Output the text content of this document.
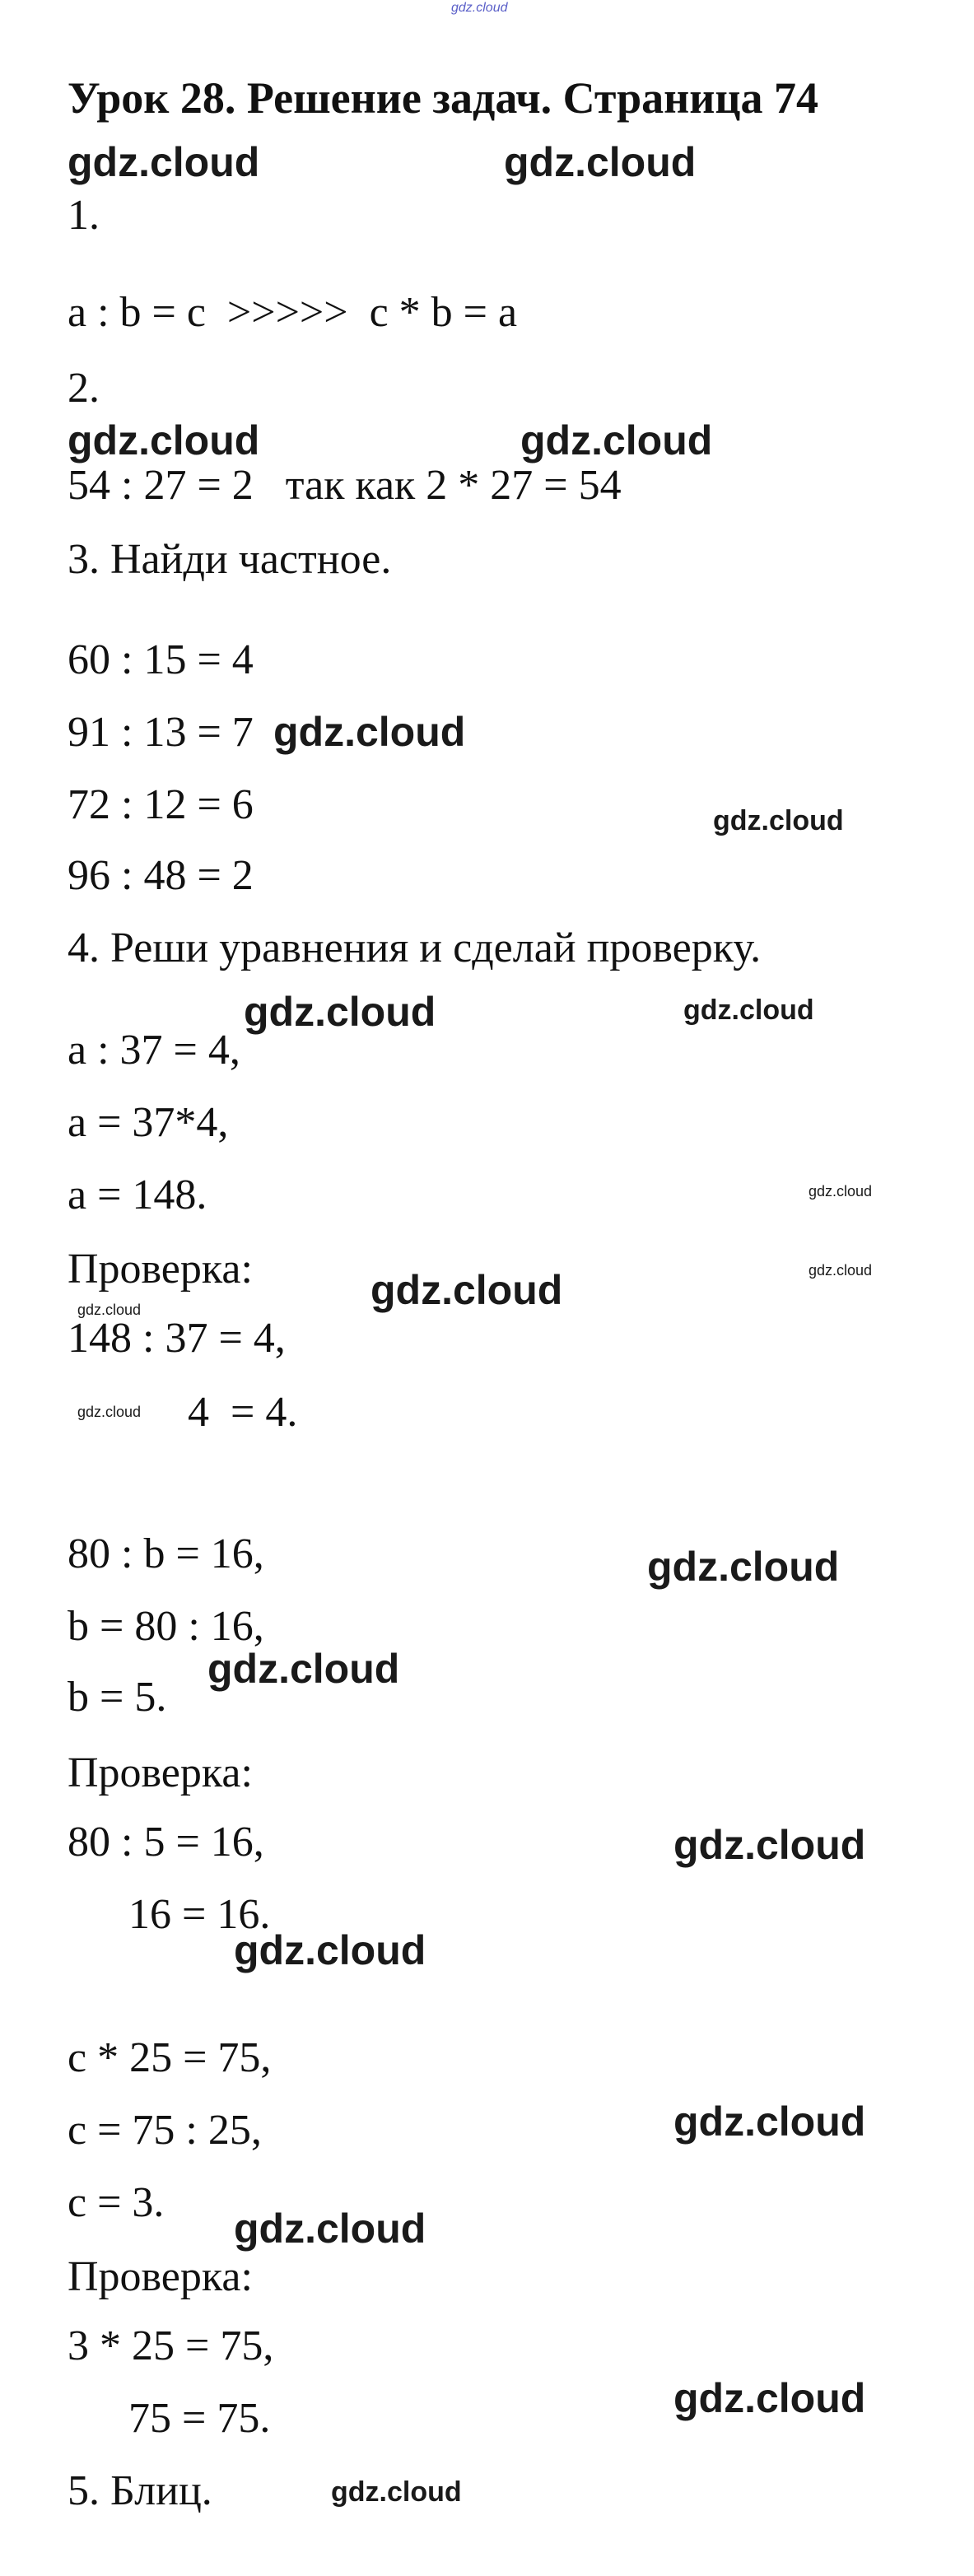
gdz.cloud
Урок 28. Решение задач. Страница 74
gdz.cloud	gdz.cloud
gdz.cloud	gdz.cloud
gdz.cloud
gdz.cloud
gdz.cloud	gdz.cloud
gdz.cloud
gdz.cloud	gdz.cloud
gdz.cloud
gdz.cloud
gdz.cloud
gdz.cloud
gdz.cloud
gdz.cloud
gdz.cloud
gdz.cloud
gdz.cloud
gdz.cloud
1.
a : b = c  >>>>>  c * b = a
2.
54 : 27 = 2   так как 2 * 27 = 54
3. Найди частное.
60 : 15 = 4
91 : 13 = 7
72 : 12 = 6
96 : 48 = 2
4. Реши уравнения и сделай проверку.
a : 37 = 4,
a = 37*4,
a = 148.
Проверка:
148 : 37 = 4,
4  = 4.
80 : b = 16,
b = 80 : 16,
b = 5.
Проверка:
80 : 5 = 16,
16 = 16.
c * 25 = 75,
c = 75 : 25,
c = 3.
Проверка:
3 * 25 = 75,
75 = 75.
5. Блиц.
